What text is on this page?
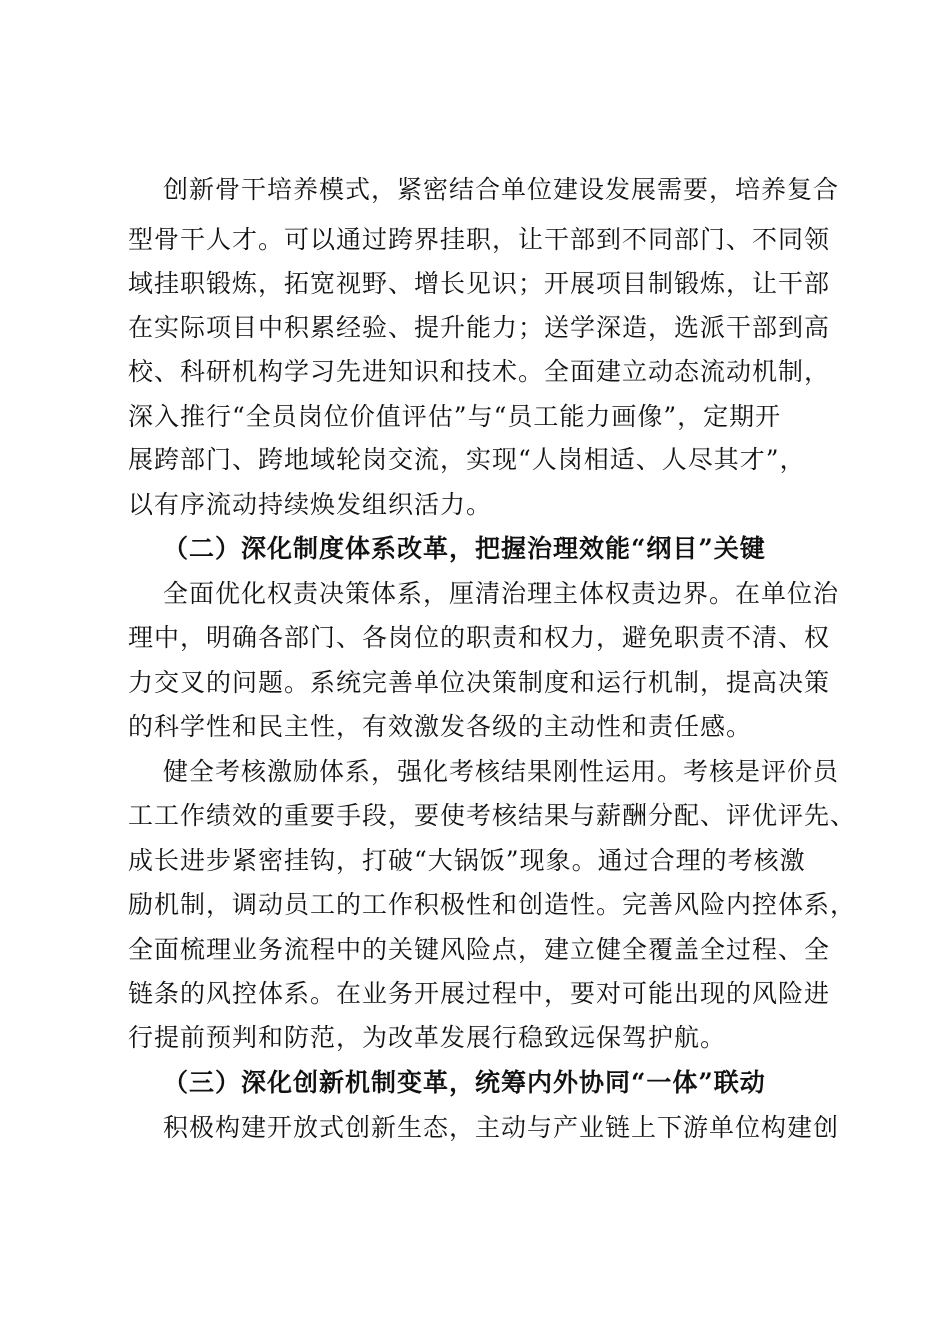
创新骨干培养模式，紧密结合单位建设发展需要，培养复合
型骨干人才。可以通过跨界挂职，让干部到不同部门、不同领
域挂职锻炼，拓宽视野、增长见识；开展项目制锻炼，让干部
在实际项目中积累经验、提升能力；送学深造，选派干部到高
校、科研机构学习先进知识和技术。全面建立动态流动机制，
深入推行“全员岗位价值评估”与“员工能力画像”，定期开
展跨部门、跨地域轮岗交流，实现“人岗相适、人尽其才”，
以有序流动持续焕发组织活力。
（二）深化制度体系改革，把握治理效能“纲目”关键
全面优化权责决策体系，厘清治理主体权责边界。在单位治
理中，明确各部门、各岗位的职责和权力，避免职责不清、权
力交叉的问题。系统完善单位决策制度和运行机制，提高决策
的科学性和民主性，有效激发各级的主动性和责任感。
健全考核激励体系，强化考核结果刚性运用。考核是评价员
工工作绩效的重要手段，要使考核结果与薪酬分配、评优评先、
成长进步紧密挂钩，打破“大锅饭”现象。通过合理的考核激
励机制，调动员工的工作积极性和创造性。完善风险内控体系，
全面梳理业务流程中的关键风险点，建立健全覆盖全过程、全
链条的风控体系。在业务开展过程中，要对可能出现的风险进
行提前预判和防范，为改革发展行稳致远保驾护航。
（三）深化创新机制变革，统筹内外协同“一体”联动
积极构建开放式创新生态，主动与产业链上下游单位构建创
